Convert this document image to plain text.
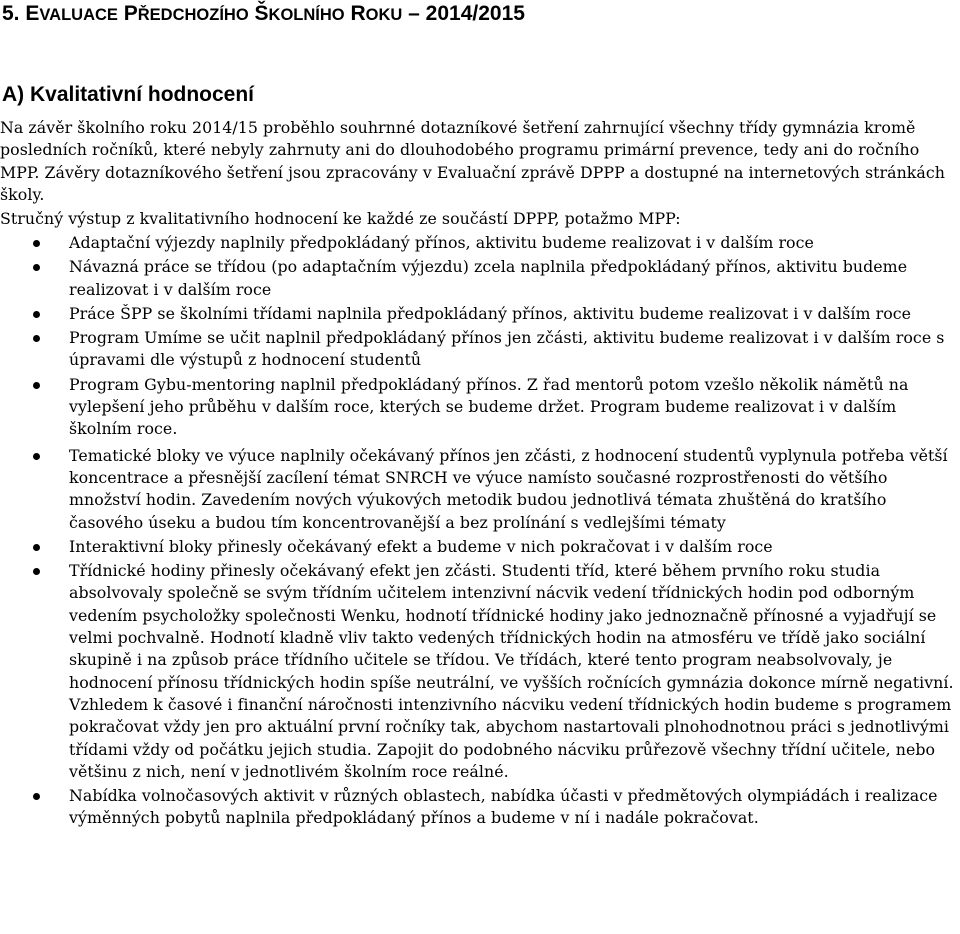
5. EVALUACE PŘEDCHOZÍHO ŠKOLNÍHO ROKU – 2014/2015
A) Kvalitativní hodnocení

Na závěr školního roku 2014/15 proběhlo souhrnné dotazníkové šetření zahrnující všechny třídy gymnázia kromě posledních ročníků, které nebyly zahrnuty ani do dlouhodobého programu primární prevence, tedy ani do ročního MPP. Závěry dotazníkového šetření jsou zpracovány v Evaluační zprávě DPPP a dostupné na internetových stránkách školy.

Stručný výstup z kvalitativního hodnocení ke každé ze součástí DPPP, potažmo MPP:

Adaptační výjezdy naplnily předpokládaný přínos, aktivitu budeme realizovat i v dalším roce
Návazná práce se třídou (po adaptačním výjezdu) zcela naplnila předpokládaný přínos, aktivitu budeme realizovat i v dalším roce
Práce ŠPP se školními třídami naplnila předpokládaný přínos, aktivitu budeme realizovat i v dalším roce
Program Umíme se učit naplnil předpokládaný přínos jen zčásti, aktivitu budeme realizovat i v dalším roce s úpravami dle výstupů z hodnocení studentů
Program Gybu-mentoring naplnil předpokládaný přínos. Z řad mentorů potom vzešlo několik námětů na vylepšení jeho průběhu v dalším roce, kterých se budeme držet. Program budeme realizovat i v dalším školním roce.
Tematické bloky ve výuce naplnily očekávaný přínos jen zčásti, z hodnocení studentů vyplynula potřeba větší koncentrace a přesnější zacílení témat SNRCH ve výuce namísto současné rozprostřenosti do většího množství hodin. Zavedením nových výukových metodik budou jednotlivá témata zhuštěná do kratšího časového úseku a budou tím koncentrovanější a bez prolínání s vedlejšími tématy
Interaktivní bloky přinesly očekávaný efekt a budeme v nich pokračovat i v dalším roce
Třídnické hodiny přinesly očekávaný efekt jen zčásti. Studenti tříd, které během prvního roku studia absolvovaly společně se svým třídním učitelem intenzivní nácvik vedení třídnických hodin pod odborným vedením psycholožky společnosti Wenku, hodnotí třídnické hodiny jako jednoznačně přínosné a vyjadřují se velmi pochvalně. Hodnotí kladně vliv takto vedených třídnických hodin na atmosféru ve třídě jako sociální skupině i na způsob práce třídního učitele se třídou. Ve třídách, které tento program neabsolvovaly, je hodnocení přínosu třídnických hodin spíše neutrální, ve vyšších ročnících gymnázia dokonce mírně negativní. Vzhledem k časové i finanční náročnosti intenzivního nácviku vedení třídnických hodin budeme s programem pokračovat vždy jen pro aktuální první ročníky tak, abychom nastartovali plnohodnotnou práci s jednotlivými třídami vždy od počátku jejich studia. Zapojit do podobného nácviku průřezově všechny třídní učitele, nebo většinu z nich, není v jednotlivém školním roce reálné.
Nabídka volnočasových aktivit v různých oblastech, nabídka účasti v předmětových olympiádách i realizace výměnných pobytů naplnila předpokládaný přínos a budeme v ní i nadále pokračovat.
